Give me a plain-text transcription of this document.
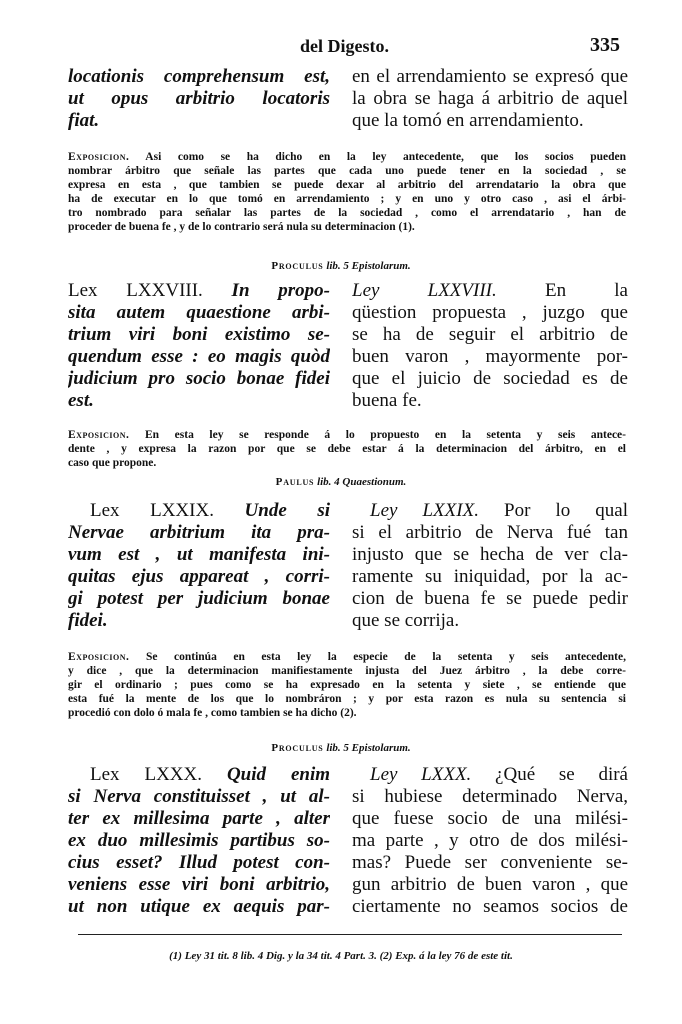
del Digesto.	335
locationis comprehensum est,
ut opus arbitrio locatoris
fiat.
en el arrendamiento se expresó que
la obra se haga á arbitrio de aquel
que la tomó en arrendamiento.
Exposicion. Asi como se ha dicho en la ley antecedente, que los socios pueden
nombrar árbitro que señale las partes que cada uno puede tener en la sociedad , se
expresa en esta , que tambien se puede dexar al arbitrio del arrendatario la obra que
ha de executar en lo que tomó en arrendamiento ; y en uno y otro caso , asi el árbi-
tro nombrado para señalar las partes de la sociedad , como el arrendatario , han de
proceder de buena fe , y de lo contrario será nula su determinacion (1).
Proculus lib. 5 Epistolarum.
Lex LXXVIII. In propo-
sita autem quaestione arbi-
trium viri boni existimo se-
quendum esse : eo magis quòd
judicium pro socio bonae fidei
est.
Ley LXXVIII. En la
qüestion propuesta , juzgo que
se ha de seguir el arbitrio de
buen varon , mayormente por-
que el juicio de sociedad es de
buena fe.
Exposicion. En esta ley se responde á lo propuesto en la setenta y seis antece-
dente , y expresa la razon por que se debe estar á la determinacion del árbitro, en el
caso que propone.
Paulus lib. 4 Quaestionum.
Lex LXXIX. Unde si
Nervae arbitrium ita pra-
vum est , ut manifesta ini-
quitas ejus appareat , corri-
gi potest per judicium bonae
fidei.
Ley LXXIX. Por lo qual
si el arbitrio de Nerva fué tan
injusto que se hecha de ver cla-
ramente su iniquidad, por la ac-
cion de buena fe se puede pedir
que se corrija.
Exposicion. Se continúa en esta ley la especie de la setenta y seis antecedente,
y dice , que la determinacion manifiestamente injusta del Juez árbitro , la debe corre-
gir el ordinario ; pues como se ha expresado en la setenta y siete , se entiende que
esta fué la mente de los que lo nombráron ; y por esta razon es nula su sentencia si
procedió con dolo ó mala fe , como tambien se ha dicho (2).
Proculus lib. 5 Epistolarum.
Lex LXXX. Quid enim
si Nerva constituisset , ut al-
ter ex millesima parte , alter
ex duo millesimis partibus so-
cius esset? Illud potest con-
veniens esse viri boni arbitrio,
ut non utique ex aequis par-
Ley LXXX. ¿Qué se dirá
si hubiese determinado Nerva,
que fuese socio de una milési-
ma parte , y otro de dos milési-
mas? Puede ser conveniente se-
gun arbitrio de buen varon , que
ciertamente no seamos socios de
(1) Ley 31 tit. 8 lib. 4 Dig. y la 34 tit. 4 Part. 3. (2) Exp. á la ley 76 de este tit.
